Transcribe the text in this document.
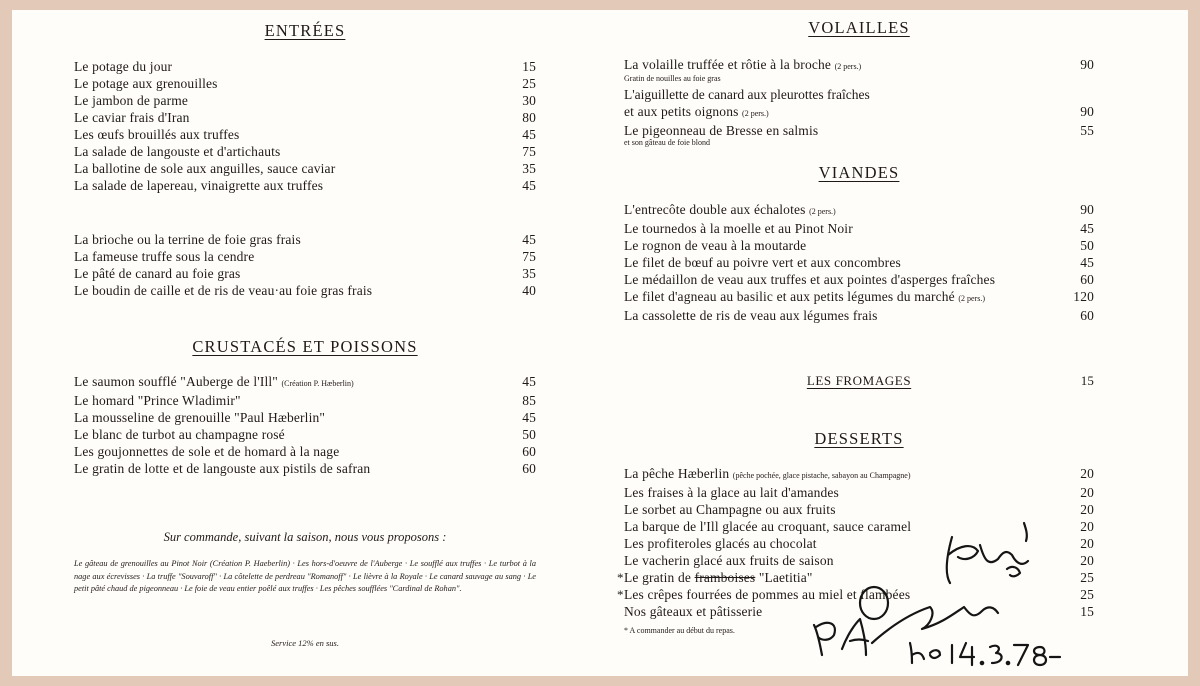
ENTRÉES
Le potage du jour	15
Le potage aux grenouilles	25
Le jambon de parme	30
Le caviar frais d'Iran	80
Les œufs brouillés aux truffes	45
La salade de langouste et d'artichauts	75
La ballotine de sole aux anguilles, sauce caviar	35
La salade de lapereau, vinaigrette aux truffes	45
La brioche ou la terrine de foie gras frais	45
La fameuse truffe sous la cendre	75
Le pâté de canard au foie gras	35
Le boudin de caille et de ris de veau·au foie gras frais	40
CRUSTACÉS ET POISSONS
Le saumon soufflé "Auberge de l'Ill" (Création P. Hæberlin)	45
Le homard "Prince Wladimir"	85
La mousseline de grenouille "Paul Hæberlin"	45
Le blanc de turbot au champagne rosé	50
Les goujonnettes de sole et de homard à la nage	60
Le gratin de lotte et de langouste aux pistils de safran	60
Sur commande, suivant la saison, nous vous proposons :
Le gâteau de grenouilles au Pinot Noir (Création P. Haeberlin) · Les hors-d'oeuvre de l'Auberge · Le soufflé aux truffes · Le turbot à la nage aux écrevisses · La truffe "Souvaroff" · La côtelette de perdreau "Romanoff" · Le lièvre à la Royale · Le canard sauvage au sang · Le petit pâté chaud de pigeonneau · Le foie de veau entier poêlé aux truffes · Les pêches soufflées "Cardinal de Rohan".
Service 12% en sus.
VOLAILLES
La volaille truffée et rôtie à la broche (2 pers.)	90
Gratin de nouilles au foie gras
L'aiguillette de canard aux pleurottes fraîches
et aux petits oignons (2 pers.)	90
Le pigeonneau de Bresse en salmis	55
et son gâteau de foie blond
VIANDES
L'entrecôte double aux échalotes (2 pers.)	90
Le tournedos à la moelle et au Pinot Noir	45
Le rognon de veau à la moutarde	50
Le filet de bœuf au poivre vert et aux concombres	45
Le médaillon de veau aux truffes et aux pointes d'asperges fraîches	60
Le filet d'agneau au basilic et aux petits légumes du marché (2 pers.)	120
La cassolette de ris de veau aux légumes frais	60
LES FROMAGES	15
DESSERTS
La pêche Hæberlin (pêche pochée, glace pistache, sabayon au Champagne)	20
Les fraises à la glace au lait d'amandes	20
Le sorbet au Champagne ou aux fruits	20
La barque de l'Ill glacée au croquant, sauce caramel	20
Les profiteroles glacés au chocolat	20
Le vacherin glacé aux fruits de saison	20
* Le gratin de framboises "Laetitia"	25
* Les crêpes fourrées de pommes au miel et flambées	25
Nos gâteaux et pâtisserie	15
* A commander au début du repas.
